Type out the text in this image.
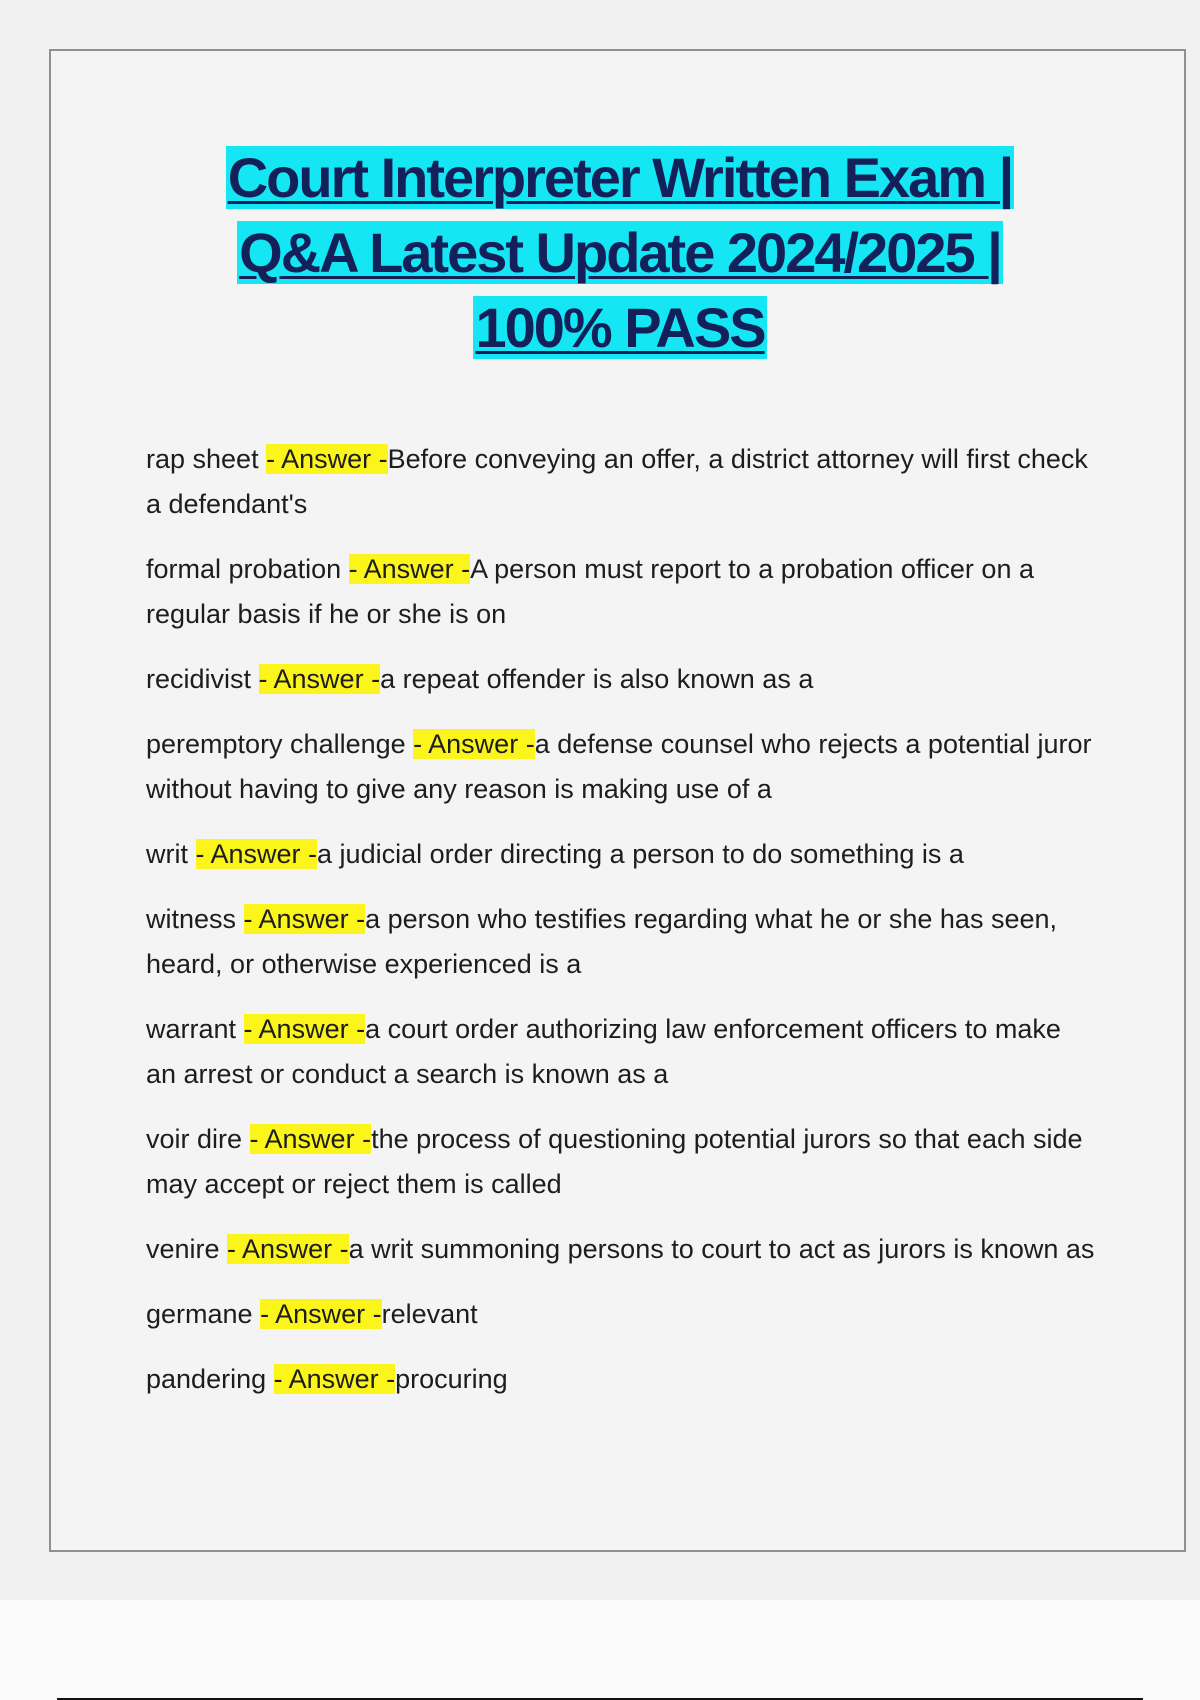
Court Interpreter Written Exam |
Q&A Latest Update 2024/2025 |
100% PASS
rap sheet - Answer -Before conveying an offer, a district attorney will first check a defendant's
formal probation - Answer -A person must report to a probation officer on a regular basis if he or she is on
recidivist - Answer -a repeat offender is also known as a
peremptory challenge - Answer -a defense counsel who rejects a potential juror without having to give any reason is making use of a
writ - Answer -a judicial order directing a person to do something is a
witness - Answer -a person who testifies regarding what he or she has seen, heard, or otherwise experienced is a
warrant - Answer -a court order authorizing law enforcement officers to make an arrest or conduct a search is known as a
voir dire - Answer -the process of questioning potential jurors so that each side may accept or reject them is called
venire - Answer -a writ summoning persons to court to act as jurors is known as
germane - Answer -relevant
pandering - Answer -procuring
